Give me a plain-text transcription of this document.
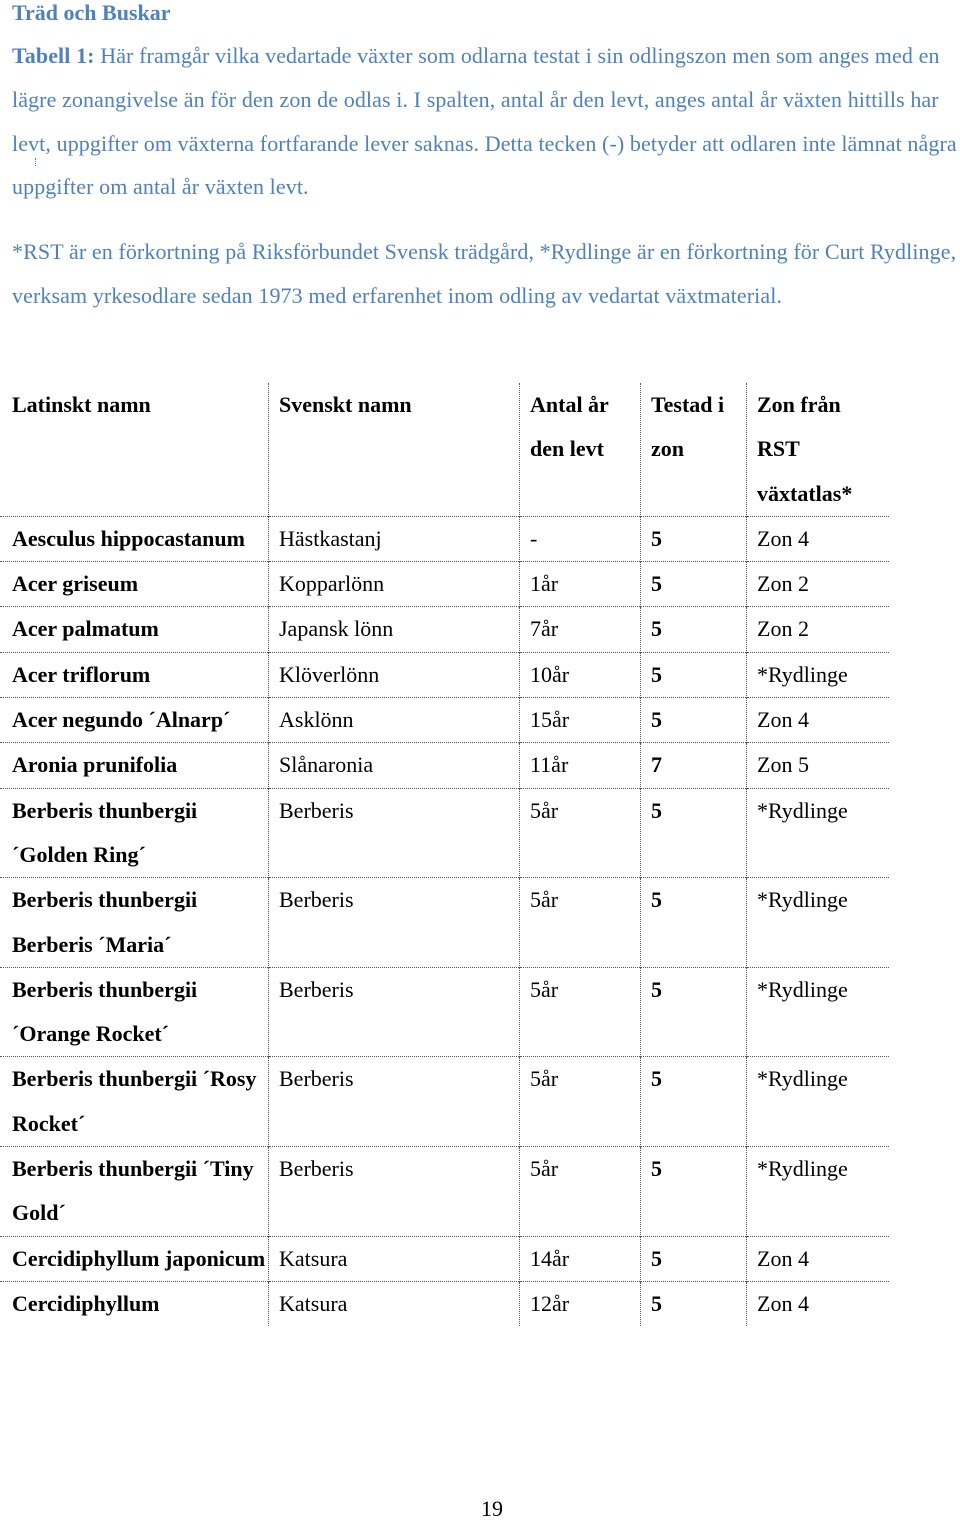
Träd och Buskar
Tabell 1: Här framgår vilka vedartade växter som odlarna testat i sin odlingszon men som anges med en lägre zonangivelse än för den zon de odlas i. I spalten, antal år den levt, anges antal år växten hittills har levt, uppgifter om växterna fortfarande lever saknas. Detta tecken (-) betyder att odlaren inte lämnat några uppgifter om antal år växten levt.
*RST är en förkortning på Riksförbundet Svensk trädgård, *Rydlinge är en förkortning för Curt Rydlinge, verksam yrkesodlare sedan 1973 med erfarenhet inom odling av vedartat växtmaterial.
Latinskt namn	Svenskt namn	Antal år den levt	Testad i zon	Zon från RST växtatlas*
Aesculus hippocastanum	Hästkastanj	-	5	Zon 4
Acer griseum	Kopparlönn	1år	5	Zon 2
Acer palmatum	Japansk lönn	7år	5	Zon 2
Acer triflorum	Klöverlönn	10år	5	*Rydlinge
Acer negundo ´Alnarp´	Asklönn	15år	5	Zon 4
Aronia prunifolia	Slånaronia	11år	7	Zon 5
Berberis thunbergii ´Golden Ring´	Berberis	5år	5	*Rydlinge
Berberis thunbergii Berberis ´Maria´	Berberis	5år	5	*Rydlinge
Berberis thunbergii ´Orange Rocket´	Berberis	5år	5	*Rydlinge
Berberis thunbergii ´Rosy Rocket´	Berberis	5år	5	*Rydlinge
Berberis thunbergii ´Tiny Gold´	Berberis	5år	5	*Rydlinge
Cercidiphyllum japonicum	Katsura	14år	5	Zon 4
Cercidiphyllum	Katsura	12år	5	Zon 4
19
